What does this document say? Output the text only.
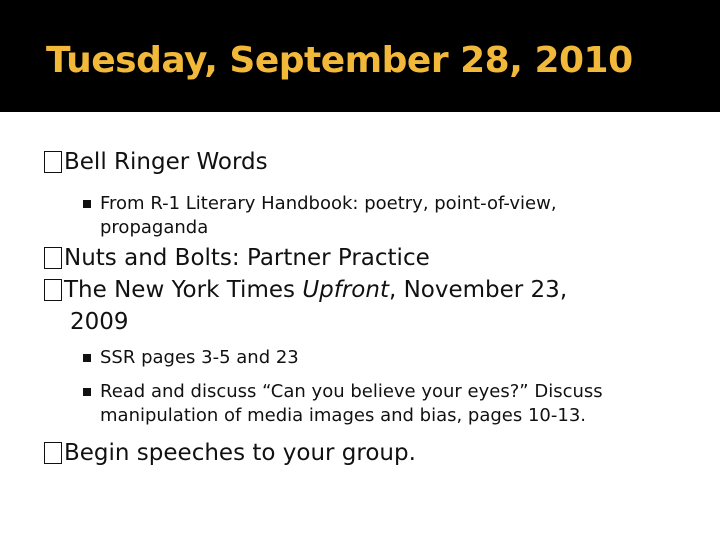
Tuesday, September 28, 2010
Bell Ringer Words
From R-1 Literary Handbook: poetry, point-of-view,
propaganda
Nuts and Bolts: Partner Practice
The New York Times Upfront, November 23,
2009
SSR pages 3-5 and 23
Read and discuss “Can you believe your eyes?” Discuss
manipulation of media images and bias, pages 10-13.
Begin speeches to your group.
